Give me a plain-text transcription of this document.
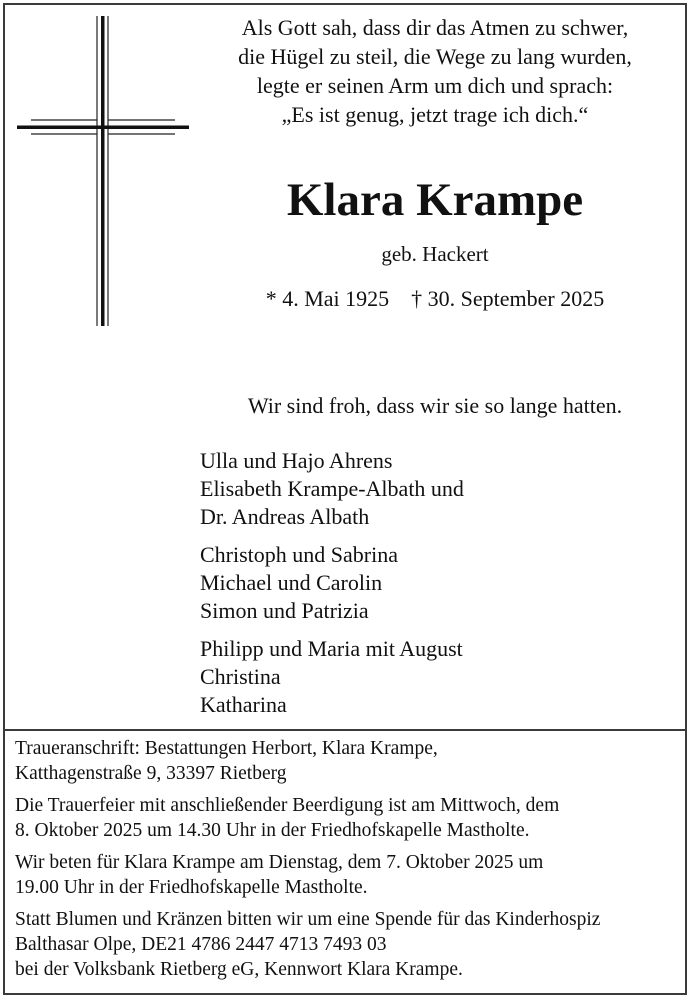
Als Gott sah, dass dir das Atmen zu schwer,
die Hügel zu steil, die Wege zu lang wurden,
legte er seinen Arm um dich und sprach:
„Es ist genug, jetzt trage ich dich.“
Klara Krampe
geb. Hackert
* 4. Mai 1925 † 30. September 2025
Wir sind froh, dass wir sie so lange hatten.
Ulla und Hajo Ahrens
Elisabeth Krampe-Albath und
Dr. Andreas Albath
Christoph und Sabrina
Michael und Carolin
Simon und Patrizia
Philipp und Maria mit August
Christina
Katharina
Traueranschrift: Bestattungen Herbort, Klara Krampe,
Katthagenstraße 9, 33397 Rietberg
Die Trauerfeier mit anschließender Beerdigung ist am Mittwoch, dem
8. Oktober 2025 um 14.30 Uhr in der Friedhofskapelle Mastholte.
Wir beten für Klara Krampe am Dienstag, dem 7. Oktober 2025 um
19.00 Uhr in der Friedhofskapelle Mastholte.
Statt Blumen und Kränzen bitten wir um eine Spende für das Kinderhospiz
Balthasar Olpe, DE21 4786 2447 4713 7493 03
bei der Volksbank Rietberg eG, Kennwort Klara Krampe.
